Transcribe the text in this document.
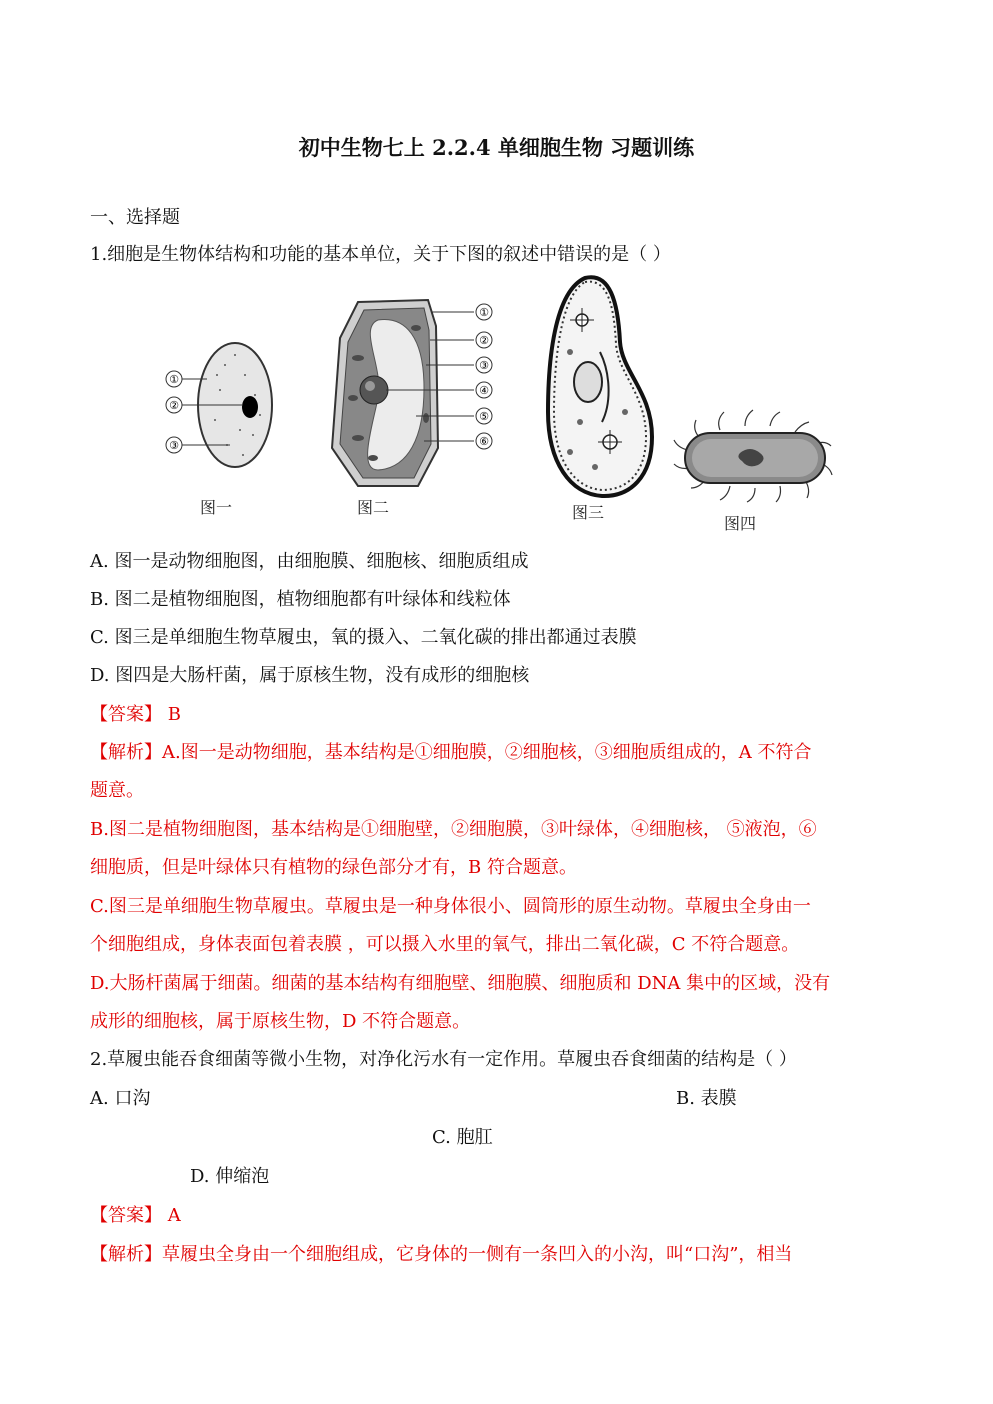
初中生物七上 2.2.4 单细胞生物 习题训练
一、选择题
1.细胞是生物体结构和功能的基本单位，关于下图的叙述中错误的是（ ）
①
②
③
图一
①
②
③
④
⑤
⑥
图二	图三
图四
A. 图一是动物细胞图，由细胞膜、细胞核、细胞质组成
B. 图二是植物细胞图，植物细胞都有叶绿体和线粒体
C. 图三是单细胞生物草履虫，氧的摄入、二氧化碳的排出都通过表膜
D. 图四是大肠杆菌，属于原核生物，没有成形的细胞核
【答案】 B
【解析】A.图一是动物细胞，基本结构是①细胞膜，②细胞核，③细胞质组成的，A 不符合
题意。
B.图二是植物细胞图，基本结构是①细胞壁，②细胞膜，③叶绿体，④细胞核， ⑤液泡，⑥
细胞质，但是叶绿体只有植物的绿色部分才有，B 符合题意。
C.图三是单细胞生物草履虫。草履虫是一种身体很小、圆筒形的原生动物。草履虫全身由一
个细胞组成，身体表面包着表膜 ，可以摄入水里的氧气，排出二氧化碳，C 不符合题意。
D.大肠杆菌属于细菌。细菌的基本结构有细胞壁、细胞膜、细胞质和 DNA 集中的区域，没有
成形的细胞核，属于原核生物，D 不符合题意。
2.草履虫能吞食细菌等微小生物，对净化污水有一定作用。草履虫吞食细菌的结构是（ ）
A. 口沟	B. 表膜
C. 胞肛
D. 伸缩泡
【答案】 A
【解析】草履虫全身由一个细胞组成，它身体的一侧有一条凹入的小沟，叫“口沟”，相当
